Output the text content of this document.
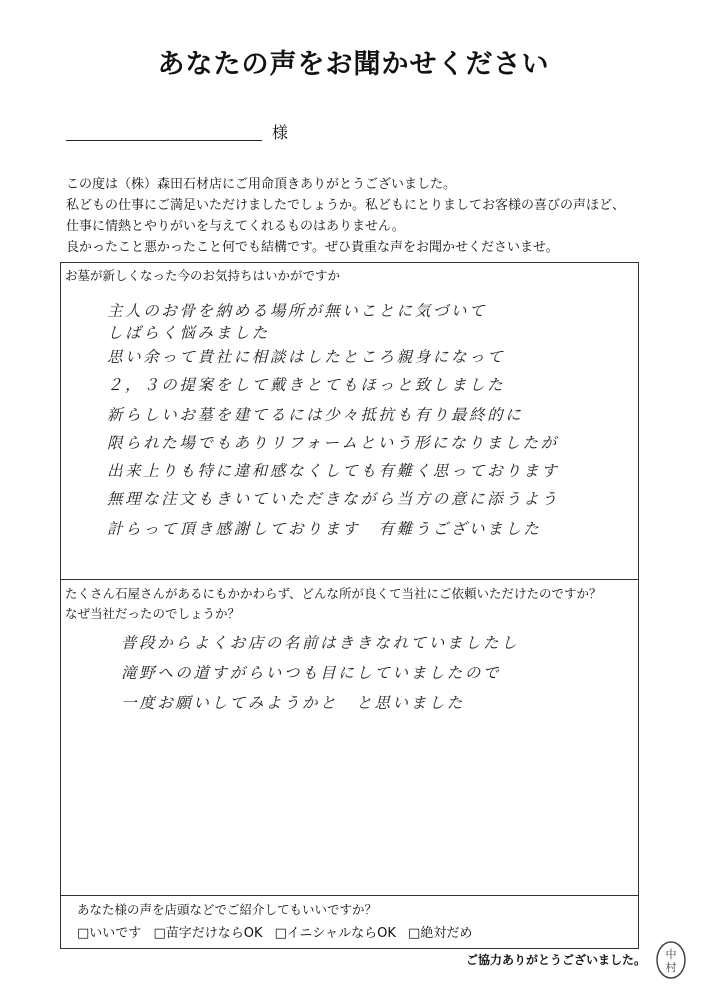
あなたの声をお聞かせください
様
この度は（株）森田石材店にご用命頂きありがとうございました。
私どもの仕事にご満足いただけましたでしょうか。私どもにとりましてお客様の喜びの声ほど、
仕事に情熱とやりがいを与えてくれるものはありません。
良かったこと悪かったこと何でも結構です。ぜひ貴重な声をお聞かせくださいませ。
お墓が新しくなった今のお気持ちはいかがですか
主人のお骨を納める場所が無いことに気づいて
しばらく悩みました
思い余って貴社に相談はしたところ親身になって
２，３の提案をして戴きとてもほっと致しました
新らしいお墓を建てるには少々抵抗も有り最終的に
限られた場でもありリフォームという形になりましたが
出来上りも特に違和感なくしても有難く思っております
無理な注文もきいていただきながら当方の意に添うよう
計らって頂き感謝しております　有難うございました
たくさん石屋さんがあるにもかかわらず、どんな所が良くて当社にご依頼いただけたのですか？
なぜ当社だったのでしょうか？
普段からよくお店の名前はききなれていましたし
滝野への道すがらいつも目にしていましたので
一度お願いしてみようかと　と思いました
あなた様の声を店頭などでご紹介してもいいですか？
□いいです □苗字だけならOK □イニシャルならOK □絶対だめ
ご協力ありがとうございました。 中
村
